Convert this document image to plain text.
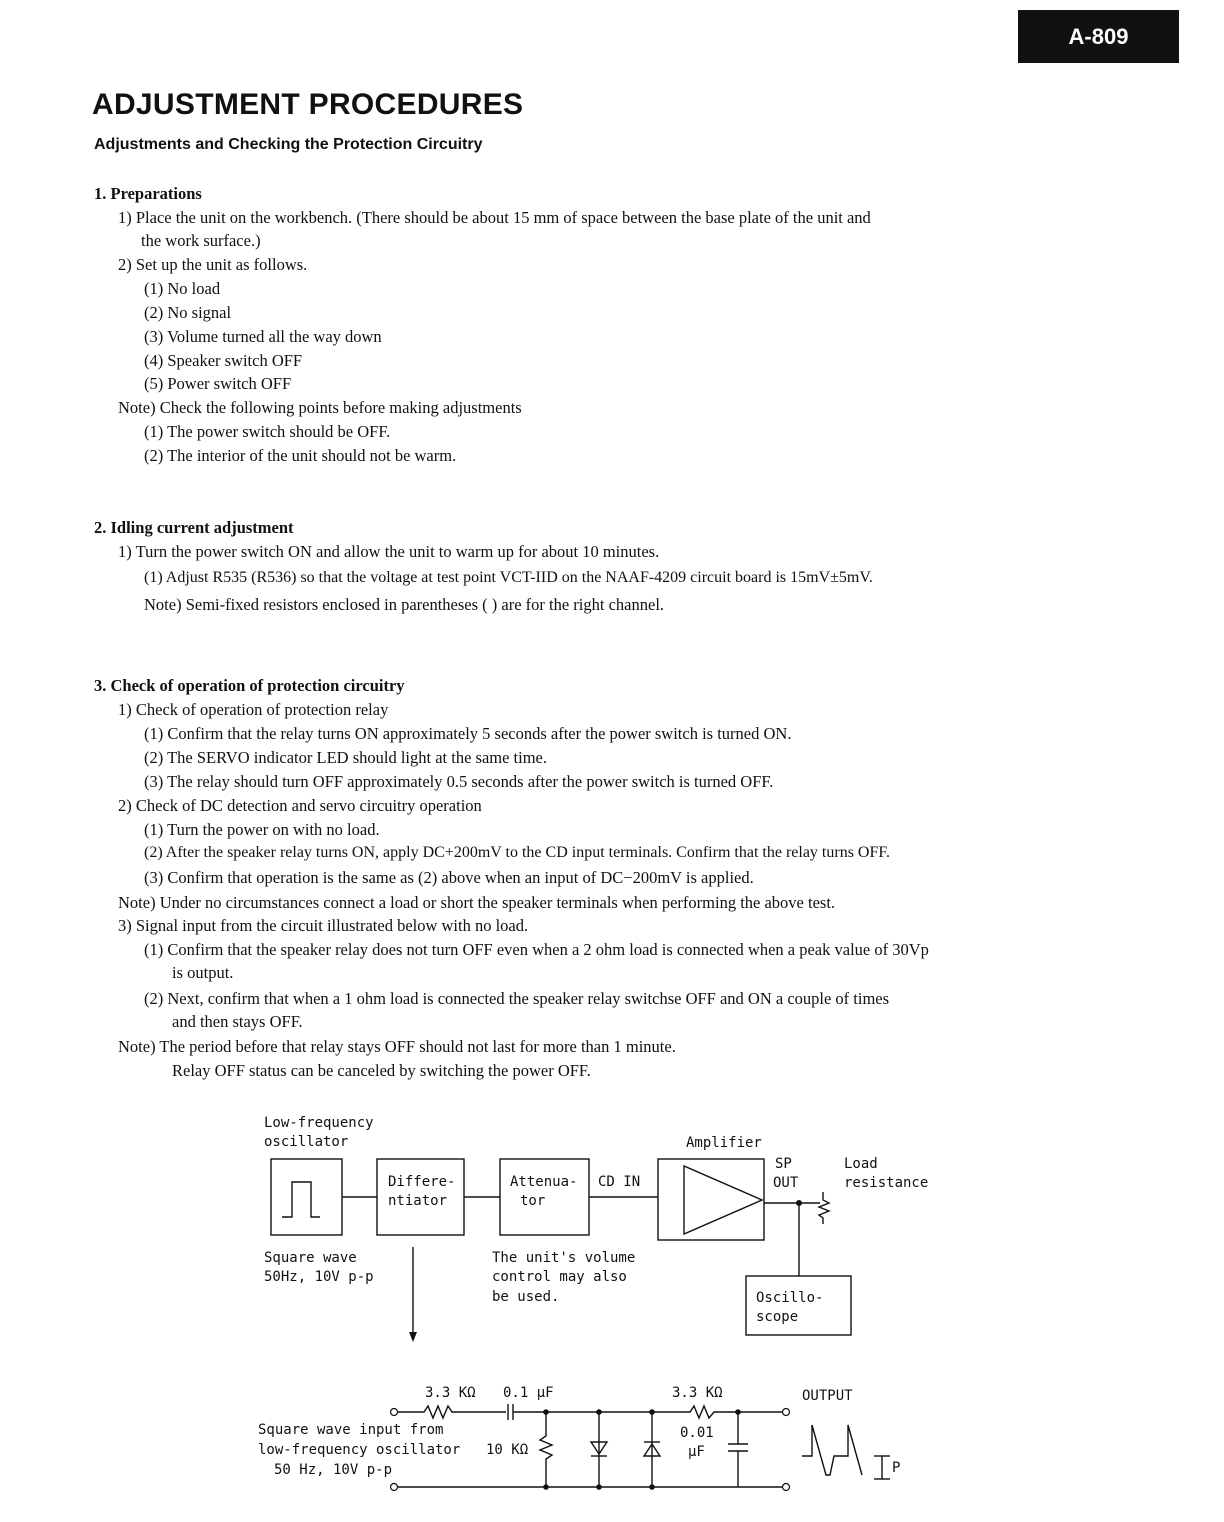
A-809
ADJUSTMENT PROCEDURES
Adjustments and Checking the Protection Circuitry
1. Preparations
1) Place the unit on the workbench. (There should be about 15 mm of space between the base plate of the unit and
the work surface.)
2) Set up the unit as follows.
(1) No load
(2) No signal
(3) Volume turned all the way down
(4) Speaker switch OFF
(5) Power switch OFF
Note) Check the following points before making adjustments
(1) The power switch should be OFF.
(2) The interior of the unit should not be warm.
2. Idling current adjustment
1) Turn the power switch ON and allow the unit to warm up for about 10 minutes.
(1) Adjust R535 (R536) so that the voltage at test point VCT-IID on the NAAF-4209 circuit board is 15mV±5mV.
Note) Semi-fixed resistors enclosed in parentheses ( ) are for the right channel.
3. Check of operation of protection circuitry
1) Check of operation of protection relay
(1) Confirm that the relay turns ON approximately 5 seconds after the power switch is turned ON.
(2) The SERVO indicator LED should light at the same time.
(3) The relay should turn OFF approximately 0.5 seconds after the power switch is turned OFF.
2) Check of DC detection and servo circuitry operation
(1) Turn the power on with no load.
(2) After the speaker relay turns ON, apply DC+200mV to the CD input terminals. Confirm that the relay turns OFF.
(3) Confirm that operation is the same as (2) above when an input of DC−200mV is applied.
Note) Under no circumstances connect a load or short the speaker terminals when performing the above test.
3) Signal input from the circuit illustrated below with no load.
(1) Confirm that the speaker relay does not turn OFF even when a 2 ohm load is connected when a peak value of 30Vp
is output.
(2) Next, confirm that when a 1 ohm load is connected the speaker relay switchse OFF and ON a couple of times
and then stays OFF.
Note) The period before that relay stays OFF should not last for more than 1 minute.
Relay OFF status can be canceled by switching the power OFF.
Low-frequency
oscillator
Differe-
ntiator
Attenua-
tor
CD IN
Amplifier
SP
OUT
Load
resistance
Oscillo-
scope
Square wave
50Hz, 10V p-p
The unit's volume
control may also
be used.
3.3 KΩ 0.1 µF	3.3 KΩ	OUTPUT
10 KΩ
0.01
µF
Square wave input from
low-frequency oscillator
50 Hz, 10V p-p	P
